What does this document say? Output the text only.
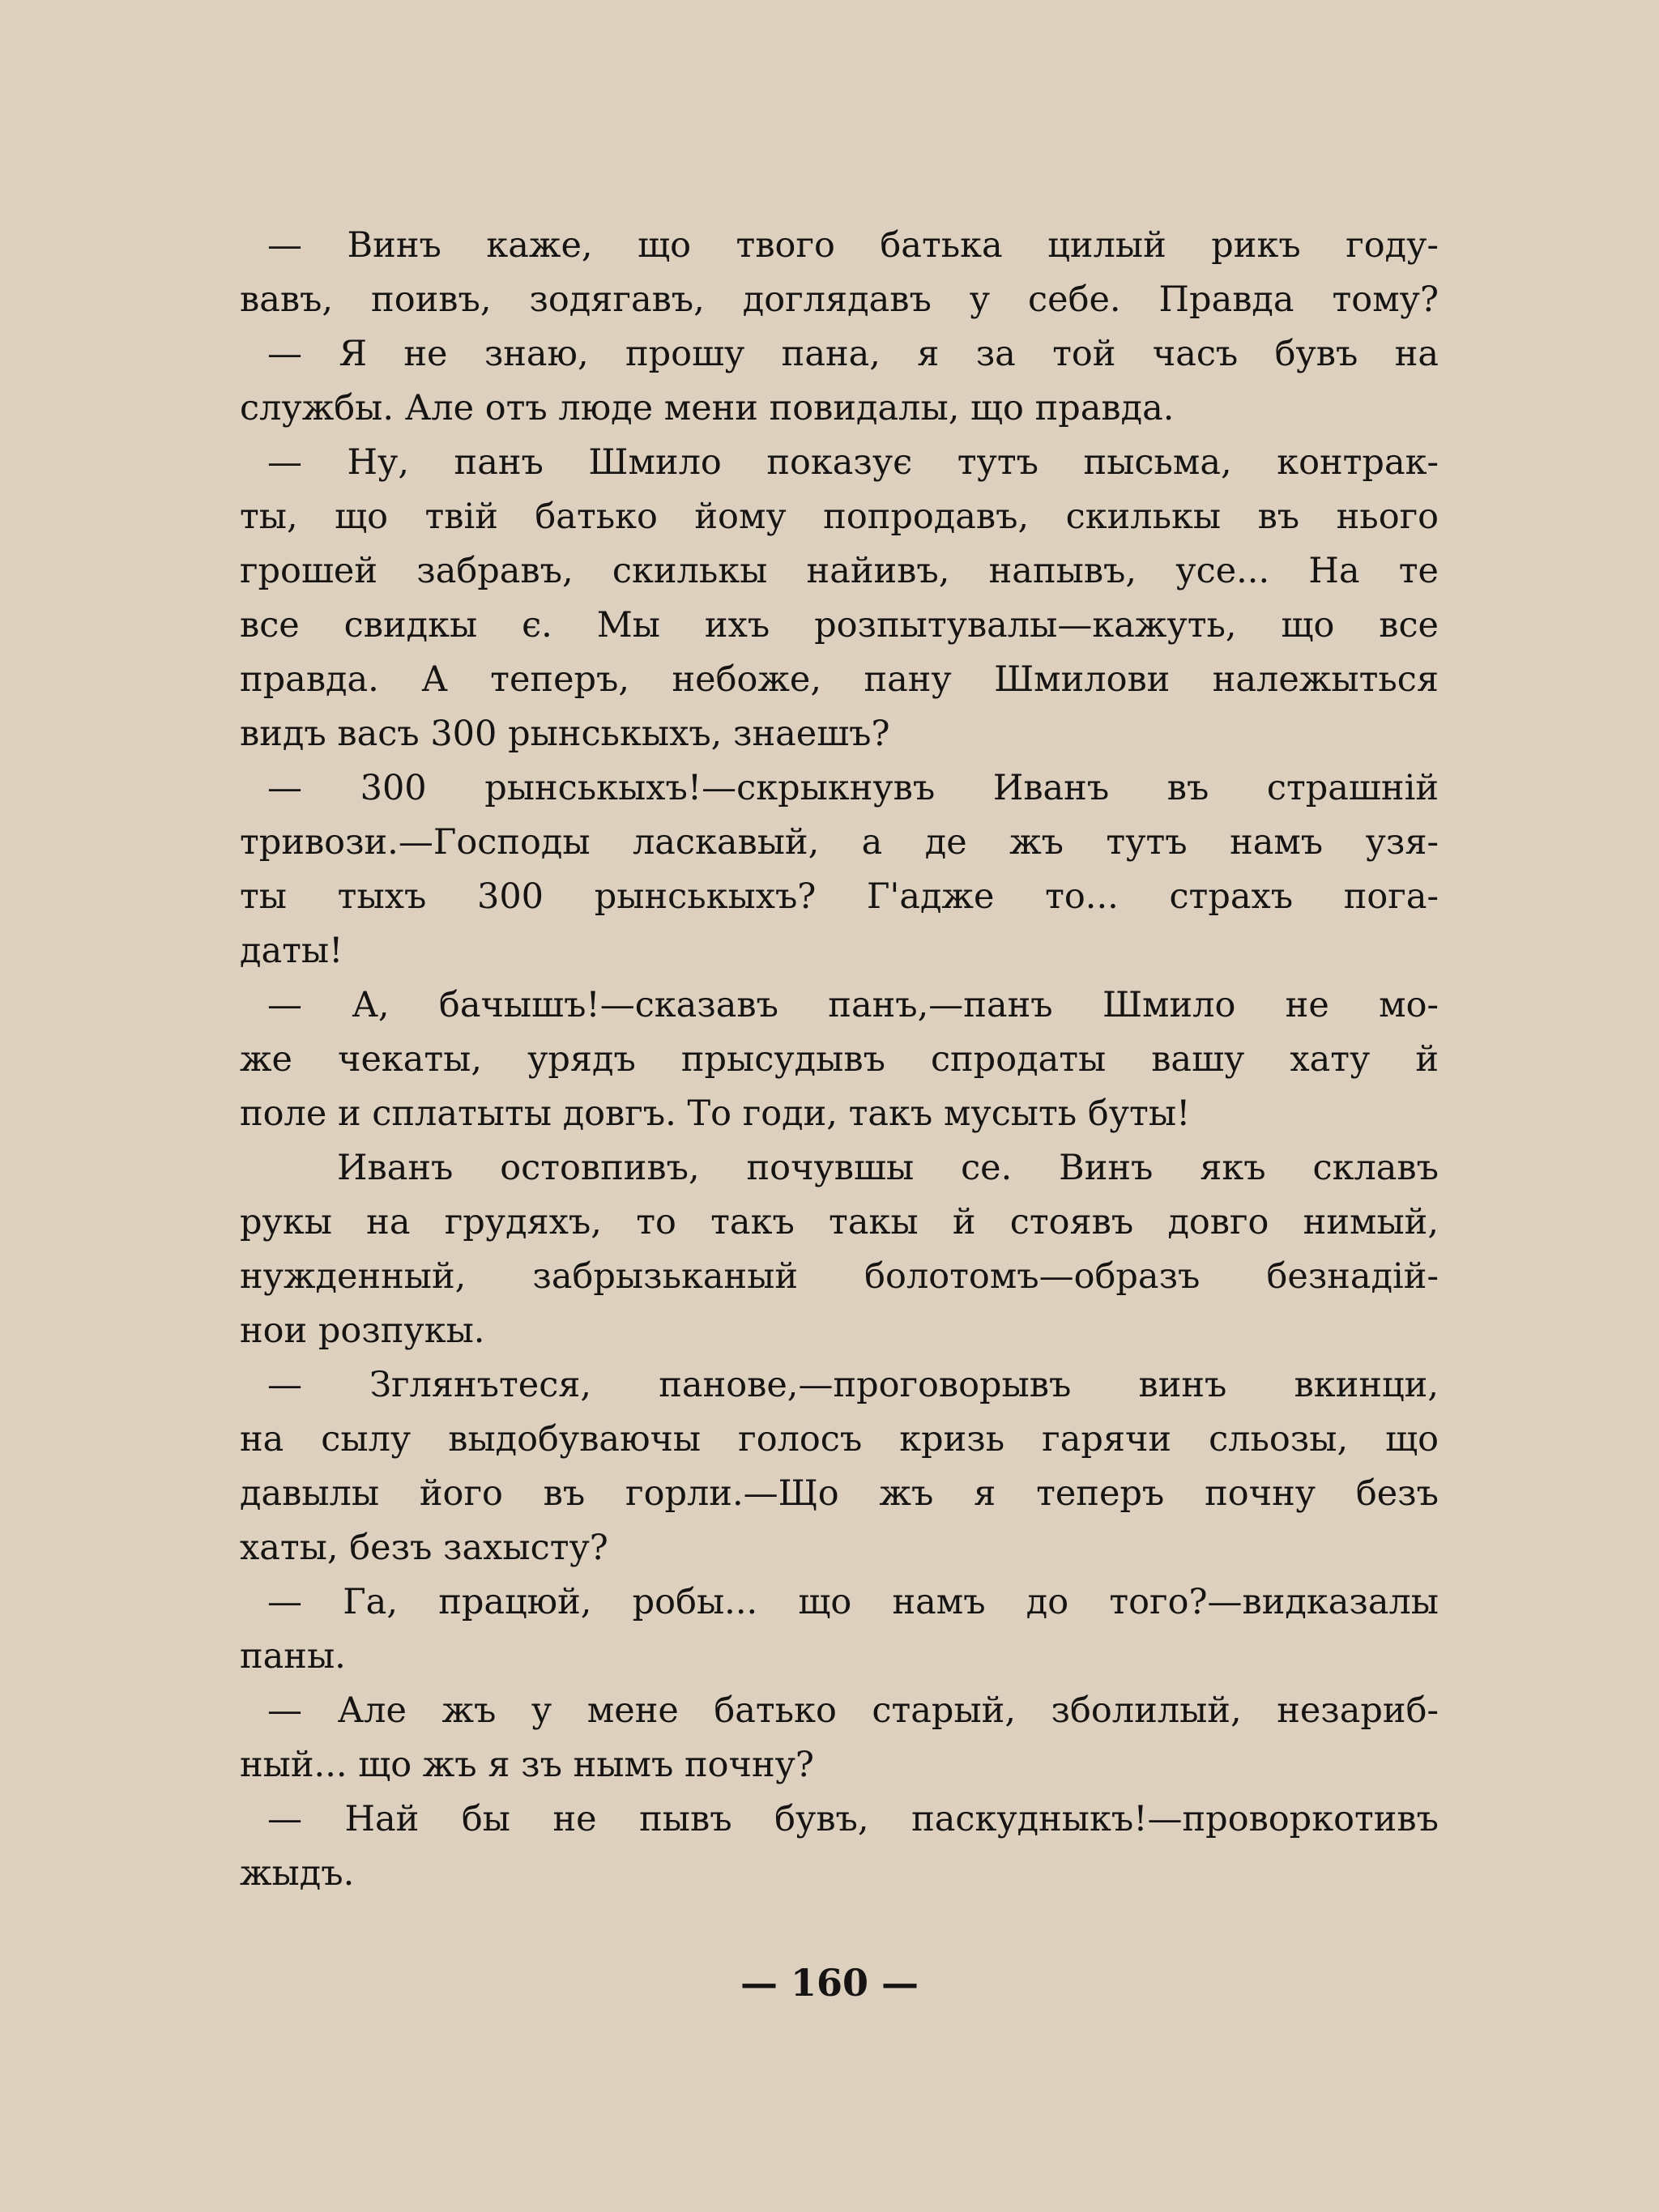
— Винъ каже, що твого батька цилый рикъ году-
вавъ, поивъ, зодягавъ, доглядавъ у себе. Правда тому?
— Я не знаю, прошу пана, я за той часъ бувъ на
службы. Але отъ люде мени повидалы, що правда.
— Ну, панъ Шмило показує тутъ пысьма, контрак-
ты, що твій батько йому попродавъ, скилькы въ нього
грошей забравъ, скилькы найивъ, напывъ, усе... На те
все свидкы є. Мы ихъ розпытувалы—кажуть, що все
правда. А теперъ, небоже, пану Шмилови належыться
видъ васъ 300 рынськыхъ, знаешъ?
— 300 рынськыхъ!—скрыкнувъ Иванъ въ страшній
тривози.—Господы ласкавый, а де жъ тутъ намъ узя-
ты тыхъ 300 рынськыхъ? Г'адже то... страхъ пога-
даты!
— А, бачышъ!—сказавъ панъ,—панъ Шмило не мо-
же чекаты, урядъ прысудывъ спродаты вашу хату й
поле и сплатыты довгъ. То годи, такъ мусыть буты!
Иванъ остовпивъ, почувшы се. Винъ якъ склавъ
рукы на грудяхъ, то такъ такы й стоявъ довго нимый,
нужденный, забрызьканый болотомъ—образъ безнадій-
нои розпукы.
— Зглянътеся, панове,—проговорывъ винъ вкинци,
на сылу выдобуваючы голосъ кризь гарячи сльозы, що
давылы його въ горли.—Що жъ я теперъ почну безъ
хаты, безъ захысту?
— Га, працюй, робы... що намъ до того?—видказалы
паны.
— Але жъ у мене батько старый, зболилый, незариб-
ный... що жъ я зъ нымъ почну?
— Най бы не пывъ бувъ, паскудныкъ!—проворкотивъ
жыдъ.
— 160 —
